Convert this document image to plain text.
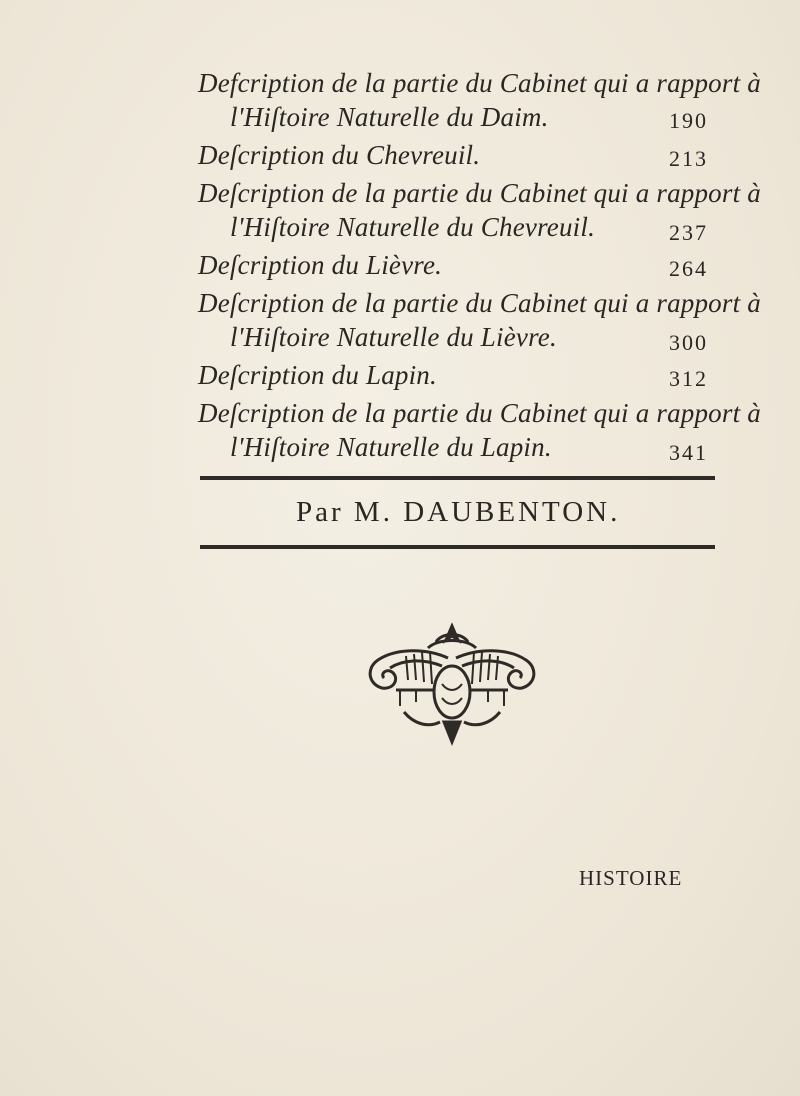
Defcription de la partie du Cabinet qui a rapport à
l'Hiſtoire Naturelle du Daim.	190
Deſcription du Chevreuil.	213
Deſcription de la partie du Cabinet qui a rapport à
l'Hiſtoire Naturelle du Chevreuil.	237
Deſcription du Lièvre.	264
Deſcription de la partie du Cabinet qui a rapport à
l'Hiſtoire Naturelle du Lièvre.	300
Deſcription du Lapin.	312
Deſcription de la partie du Cabinet qui a rapport à
l'Hiſtoire Naturelle du Lapin.	341
Par M. DAUBENTON.
HISTOIRE
